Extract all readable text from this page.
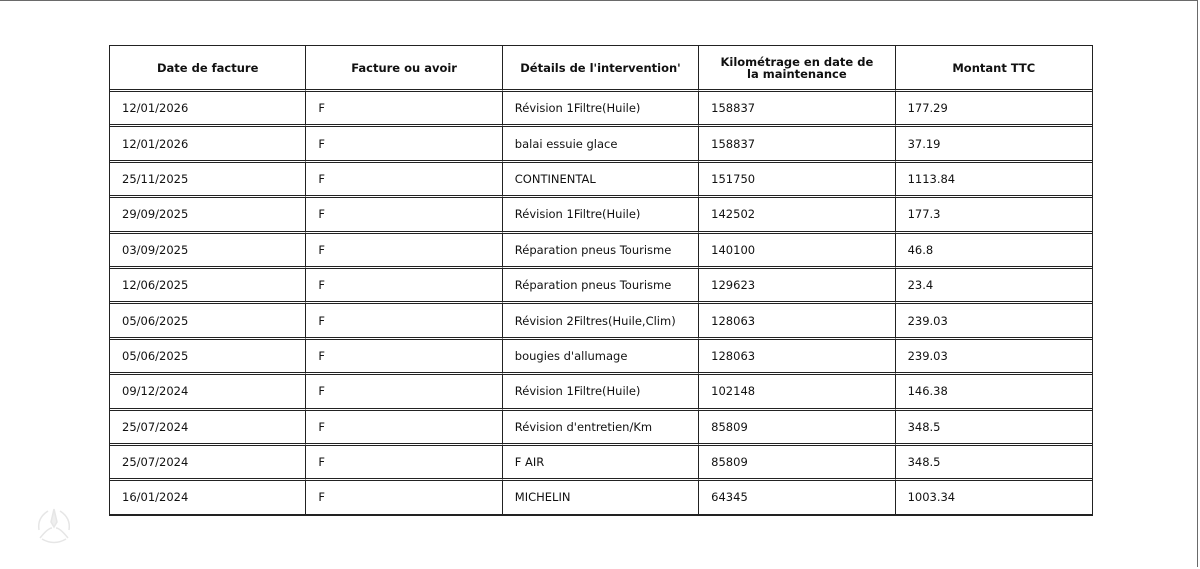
Date de facture	Facture ou avoir	Détails de l'intervention'	Kilométrage en date de la maintenance	Montant TTC
12/01/2026	F	Révision 1Filtre(Huile)	158837	177.29
12/01/2026	F	balai essuie glace	158837	37.19
25/11/2025	F	CONTINENTAL	151750	1113.84
29/09/2025	F	Révision 1Filtre(Huile)	142502	177.3
03/09/2025	F	Réparation pneus Tourisme	140100	46.8
12/06/2025	F	Réparation pneus Tourisme	129623	23.4
05/06/2025	F	Révision 2Filtres(Huile,Clim)	128063	239.03
05/06/2025	F	bougies d'allumage	128063	239.03
09/12/2024	F	Révision 1Filtre(Huile)	102148	146.38
25/07/2024	F	Révision d'entretien/Km	85809	348.5
25/07/2024	F	F AIR	85809	348.5
16/01/2024	F	MICHELIN	64345	1003.34
